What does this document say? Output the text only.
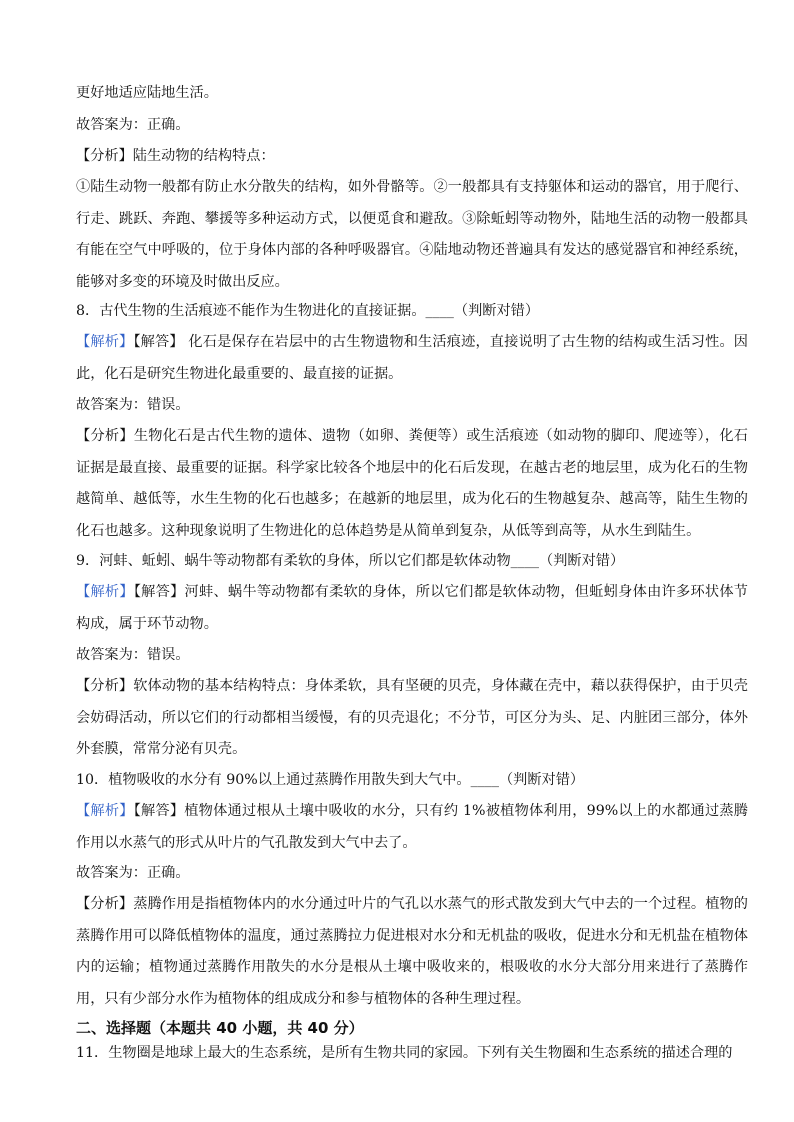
更好地适应陆地生活。

故答案为：正确。

【分析】陆生动物的结构特点：

①陆生动物一般都有防止水分散失的结构，如外骨骼等。②一般都具有支持躯体和运动的器官，用于爬行、行走、跳跃、奔跑、攀援等多种运动方式，以便觅食和避敌。③除蚯蚓等动物外，陆地生活的动物一般都具有能在空气中呼吸的，位于身体内部的各种呼吸器官。④陆地动物还普遍具有发达的感觉器官和神经系统，能够对多变的环境及时做出反应。

8．古代生物的生活痕迹不能作为生物进化的直接证据。____（判断对错）

【解析】【解答】 化石是保存在岩层中的古生物遗物和生活痕迹，直接说明了古生物的结构或生活习性。因此，化石是研究生物进化最重要的、最直接的证据。

故答案为：错误。

【分析】生物化石是古代生物的遗体、遗物（如卵、粪便等）或生活痕迹（如动物的脚印、爬迹等），化石证据是最直接、最重要的证据。科学家比较各个地层中的化石后发现，在越古老的地层里，成为化石的生物越简单、越低等，水生生物的化石也越多；在越新的地层里，成为化石的生物越复杂、越高等，陆生生物的化石也越多。这种现象说明了生物进化的总体趋势是从简单到复杂，从低等到高等，从水生到陆生。

9．河蚌、蚯蚓、蜗牛等动物都有柔软的身体，所以它们都是软体动物____（判断对错）

【解析】【解答】河蚌、蜗牛等动物都有柔软的身体，所以它们都是软体动物，但蚯蚓身体由许多环状体节构成，属于环节动物。

故答案为：错误。

【分析】软体动物的基本结构特点：身体柔软，具有坚硬的贝壳，身体藏在壳中，藉以获得保护，由于贝壳会妨碍活动，所以它们的行动都相当缓慢，有的贝壳退化；不分节，可区分为头、足、内脏团三部分，体外外套膜，常常分泌有贝壳。

10．植物吸收的水分有 90%以上通过蒸腾作用散失到大气中。____（判断对错）

【解析】【解答】植物体通过根从土壤中吸收的水分，只有约 1%被植物体利用，99%以上的水都通过蒸腾作用以水蒸气的形式从叶片的气孔散发到大气中去了。

故答案为：正确。

【分析】蒸腾作用是指植物体内的水分通过叶片的气孔以水蒸气的形式散发到大气中去的一个过程。植物的蒸腾作用可以降低植物体的温度，通过蒸腾拉力促进根对水分和无机盐的吸收，促进水分和无机盐在植物体内的运输；植物通过蒸腾作用散失的水分是根从土壤中吸收来的，根吸收的水分大部分用来进行了蒸腾作用，只有少部分水作为植物体的组成成分和参与植物体的各种生理过程。

二、选择题（本题共 40 小题，共 40 分）

11．生物圈是地球上最大的生态系统，是所有生物共同的家园。下列有关生物圈和生态系统的描述合理的
